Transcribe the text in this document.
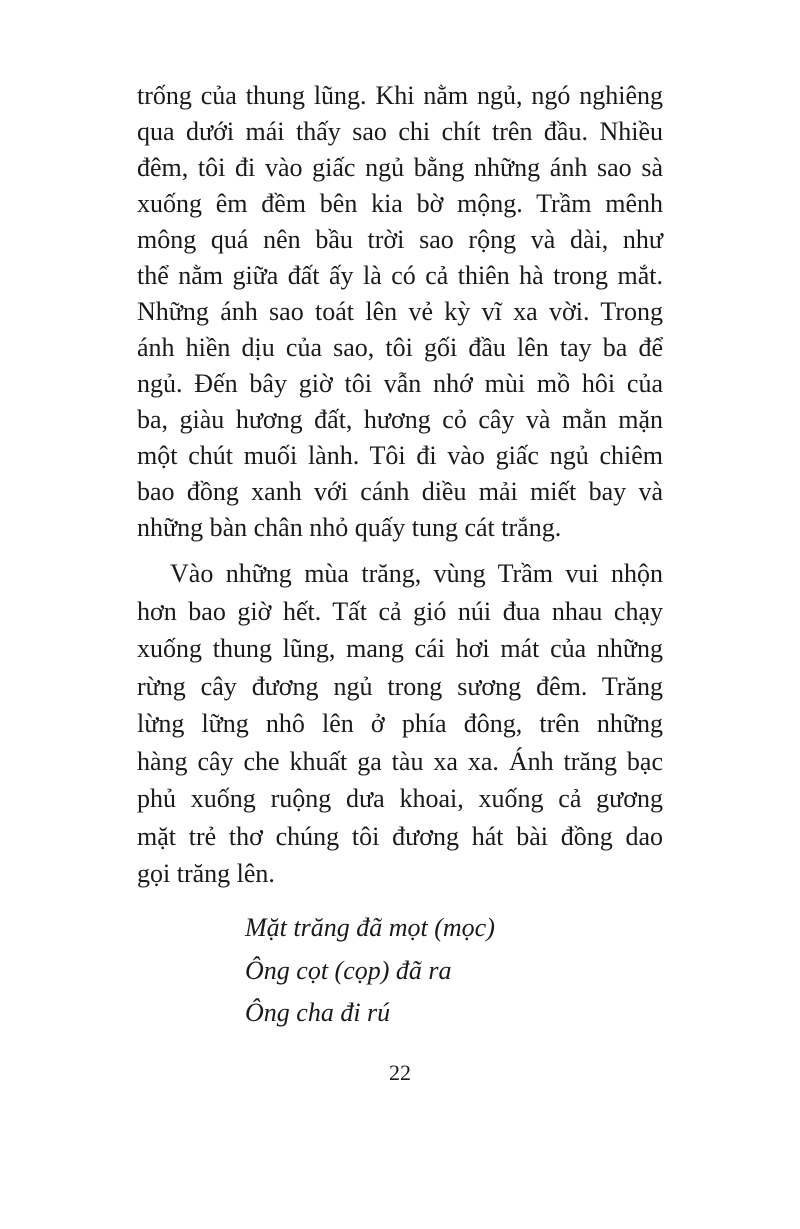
trống của thung lũng. Khi nằm ngủ, ngó nghiêng
qua dưới mái thấy sao chi chít trên đầu. Nhiều
đêm, tôi đi vào giấc ngủ bằng những ánh sao sà
xuống êm đềm bên kia bờ mộng. Trầm mênh
mông quá nên bầu trời sao rộng và dài, như
thể nằm giữa đất ấy là có cả thiên hà trong mắt.
Những ánh sao toát lên vẻ kỳ vĩ xa vời. Trong
ánh hiền dịu của sao, tôi gối đầu lên tay ba để
ngủ. Đến bây giờ tôi vẫn nhớ mùi mồ hôi của
ba, giàu hương đất, hương cỏ cây và mằn mặn
một chút muối lành. Tôi đi vào giấc ngủ chiêm
bao đồng xanh với cánh diều mải miết bay và
những bàn chân nhỏ quấy tung cát trắng.
Vào những mùa trăng, vùng Trầm vui nhộn
hơn bao giờ hết. Tất cả gió núi đua nhau chạy
xuống thung lũng, mang cái hơi mát của những
rừng cây đương ngủ trong sương đêm. Trăng
lừng lững nhô lên ở phía đông, trên những
hàng cây che khuất ga tàu xa xa. Ánh trăng bạc
phủ xuống ruộng dưa khoai, xuống cả gương
mặt trẻ thơ chúng tôi đương hát bài đồng dao
gọi trăng lên.
Mặt trăng đã mọt (mọc)
Ông cọt (cọp) đã ra
Ông cha đi rú
22
